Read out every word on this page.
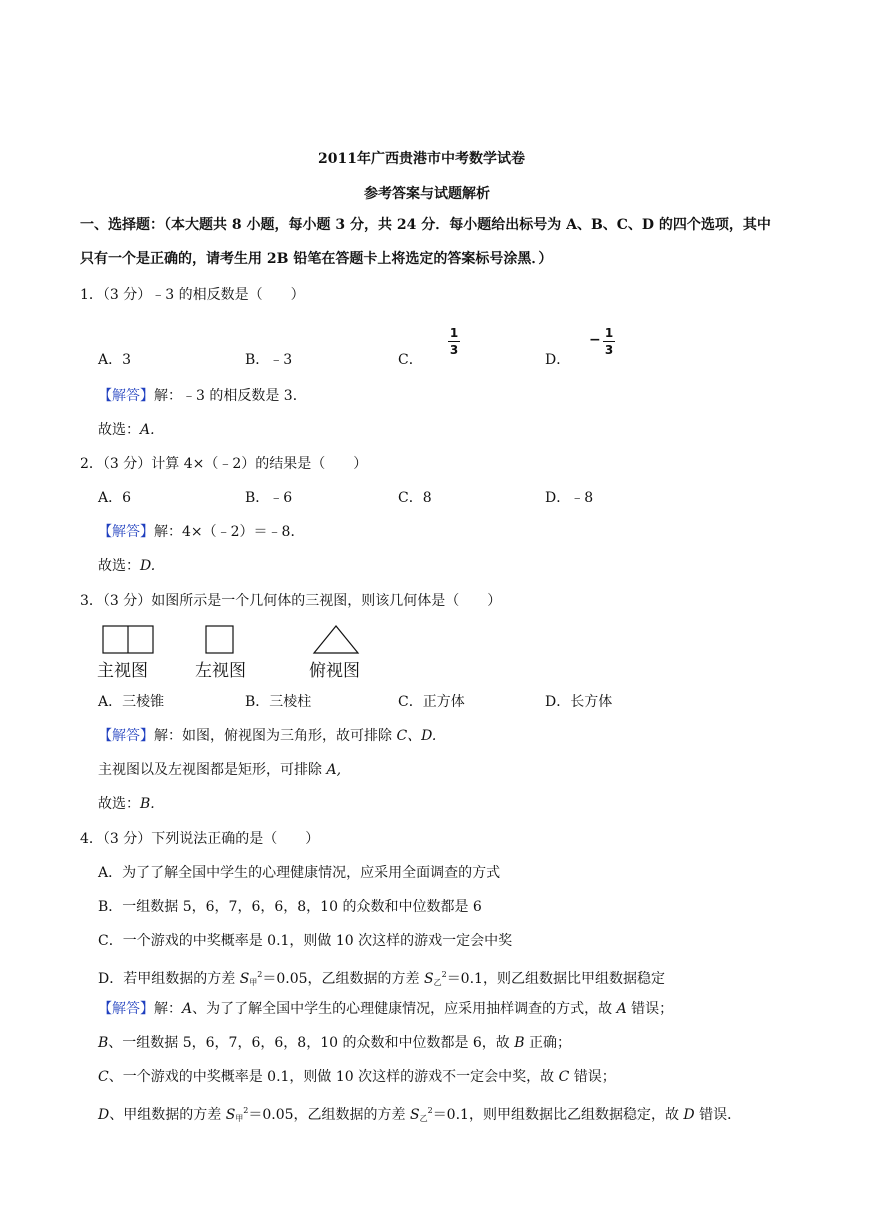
2011年广西贵港市中考数学试卷
参考答案与试题解析
一、选择题：（本大题共 8 小题，每小题 3 分，共 24 分．每小题给出标号为 A、B、C、D 的四个选项，其中
只有一个是正确的，请考生用 2B 铅笔在答题卡上将选定的答案标号涂黑．）
1．（3 分）﹣3 的相反数是（　　）
A．3	B．﹣3	C．
1
3
D．
− 1
3
【解答】解：﹣3 的相反数是 3．
故选：A.
2．（3 分）计算 4×（﹣2）的结果是（　　）
A．6	B．﹣6	C．8	D．﹣8
【解答】解：4×（﹣2）＝﹣8．
故选：D.
3．（3 分）如图所示是一个几何体的三视图，则该几何体是（　　）
主视图	左视图	俯视图
A．三棱锥	B．三棱柱	C．正方体	D．长方体
【解答】解：如图，俯视图为三角形，故可排除 C、D.
主视图以及左视图都是矩形，可排除 A,
故选：B.
4．（3 分）下列说法正确的是（　　）
A．为了了解全国中学生的心理健康情况，应采用全面调查的方式
B．一组数据 5，6，7，6，6，8，10 的众数和中位数都是 6
C．一个游戏的中奖概率是 0.1，则做 10 次这样的游戏一定会中奖
D．若甲组数据的方差 $S_甲^2=0.05$，乙组数据的方差 $S_乙^2=0.1$，则乙组数据比甲组数据稳定
【解答】解：A、为了了解全国中学生的心理健康情况，应采用抽样调查的方式，故 A 错误；
B、一组数据 5，6，7，6，6，8，10 的众数和中位数都是 6，故 B 正确；
C、一个游戏的中奖概率是 0.1，则做 10 次这样的游戏不一定会中奖，故 C 错误；
D、甲组数据的方差 $S_甲^2=0.05$，乙组数据的方差 $S_乙^2=0.1$，则甲组数据比乙组数据稳定，故 D 错误．
